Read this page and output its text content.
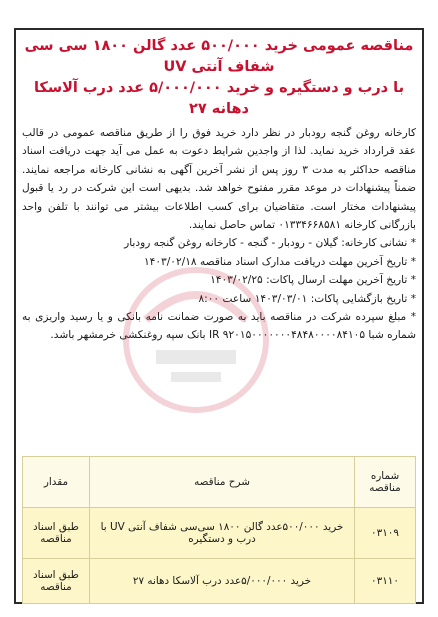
مناقصه عمومی خرید ۵۰۰/۰۰۰ عدد گالن ۱۸۰۰ سی سی شفاف آنتی UV
با درب و دستگیره و خرید ۵/۰۰۰/۰۰۰ عدد درب آلاسکا دهانه ۲۷

کارخانه روغن گنجه رودبار در نظر دارد خرید فوق را از طریق مناقصه عمومی در قالب عقد قرارداد خرید نماید. لذا از واجدین شرایط دعوت به عمل می آید جهت دریافت اسناد مناقصه حداکثر به مدت ۳ روز پس از نشر آخرین آگهی به نشانی کارخانه مراجعه نمایند. ضمناً پیشنهادات در موعد مقرر مفتوح خواهد شد. بدیهی است این شرکت در رد یا قبول پیشنهادات مختار است. متقاضیان برای کسب اطلاعات بیشتر می توانند با تلفن واحد بازرگانی کارخانه ۰۱۳۳۴۶۶۸۵۸۱ تماس حاصل نمایند.

* نشانی کارخانه: گیلان - رودبار - گنجه - کارخانه روغن گنجه رودبار

* تاریخ آخرین مهلت دریافت مدارک اسناد مناقصه ۱۴۰۳/۰۲/۱۸

* تاریخ آخرین مهلت ارسال پاکات: ۱۴۰۳/۰۲/۲۵

* تاریخ بازگشایی پاکات: ۱۴۰۳/۰۳/۰۱ ساعت ۸:۰۰

* مبلغ سپرده شرکت در مناقصه باید به صورت ضمانت نامه بانکی و یا رسید واریزی به شماره شبا IR ۹۲۰۱۵۰۰۰۰۰۰۰۴۸۴۸۰۰۰۰۸۴۱۰۵ بانک سپه روغنکشی خرمشهر باشد.

شماره مناقصه	شرح مناقصه	مقدار
۰۳۱۰۹	خرید ۵۰۰/۰۰۰عدد گالن ۱۸۰۰ سی‌سی شفاف آنتی UV با درب و دستگیره	طبق اسناد مناقصه
۰۳۱۱۰	خرید ۵/۰۰۰/۰۰۰عدد درب آلاسکا دهانه ۲۷	طبق اسناد مناقصه
